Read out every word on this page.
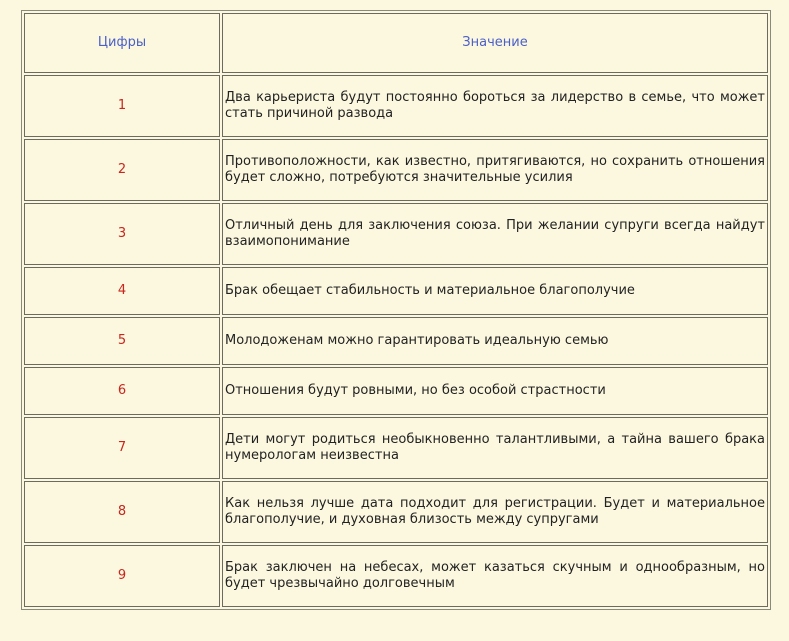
Цифры	Значение
1	Два карьериста будут постоянно бороться за лидерство в семье, что может стать причиной развода
2	Противоположности, как известно, притягиваются, но сохранить отношения будет сложно, потребуются значительные усилия
3	Отличный день для заключения союза. При желании супруги всегда найдут взаимопонимание
4	Брак обещает стабильность и материальное благополучие
5	Молодоженам можно гарантировать идеальную семью
6	Отношения будут ровными, но без особой страстности
7	Дети могут родиться необыкновенно талантливыми, а тайна вашего брака нумерологам неизвестна
8	Как нельзя лучше дата подходит для регистрации. Будет и материальное благополучие, и духовная близость между супругами
9	Брак заключен на небесах, может казаться скучным и однообразным, но будет чрезвычайно долговечным
